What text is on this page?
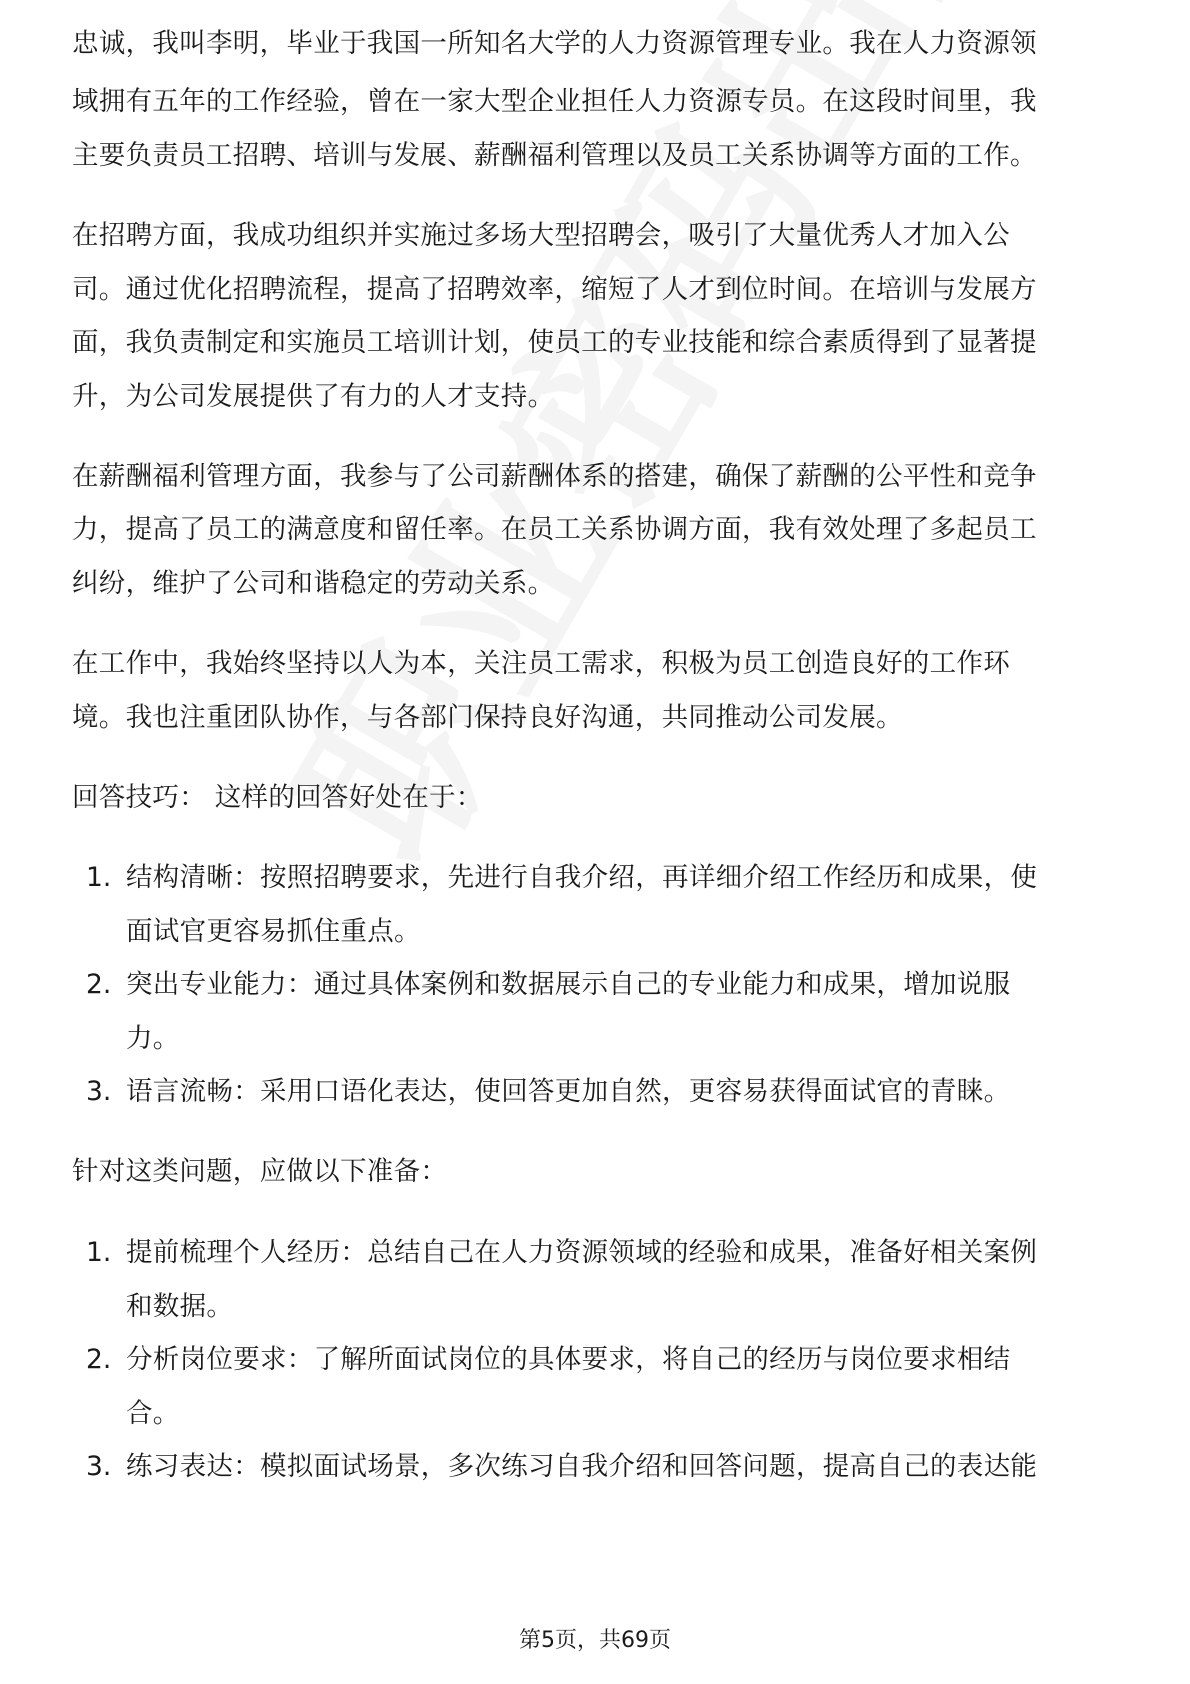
忠诚，我叫李明，毕业于我国一所知名大学的人力资源管理专业。我在人力资源领

域拥有五年的工作经验，曾在一家大型企业担任人力资源专员。在这段时间里，我

主要负责员工招聘、培训与发展、薪酬福利管理以及员工关系协调等方面的工作。

在招聘方面，我成功组织并实施过多场大型招聘会，吸引了大量优秀人才加入公

司。通过优化招聘流程，提高了招聘效率，缩短了人才到位时间。在培训与发展方

面，我负责制定和实施员工培训计划，使员工的专业技能和综合素质得到了显著提

升，为公司发展提供了有力的人才支持。

在薪酬福利管理方面，我参与了公司薪酬体系的搭建，确保了薪酬的公平性和竞争

力，提高了员工的满意度和留任率。在员工关系协调方面，我有效处理了多起员工

纠纷，维护了公司和谐稳定的劳动关系。

在工作中，我始终坚持以人为本，关注员工需求，积极为员工创造良好的工作环

境。我也注重团队协作，与各部门保持良好沟通，共同推动公司发展。

回答技巧： 这样的回答好处在于：

1. 结构清晰：按照招聘要求，先进行自我介绍，再详细介绍工作经历和成果，使

面试官更容易抓住重点。

2. 突出专业能力：通过具体案例和数据展示自己的专业能力和成果，增加说服

力。

3. 语言流畅：采用口语化表达，使回答更加自然，更容易获得面试官的青睐。

针对这类问题，应做以下准备：

1. 提前梳理个人经历：总结自己在人力资源领域的经验和成果，准备好相关案例

和数据。

2. 分析岗位要求：了解所面试岗位的具体要求，将自己的经历与岗位要求相结

合。

3. 练习表达：模拟面试场景，多次练习自我介绍和回答问题，提高自己的表达能

第5页，共69页
